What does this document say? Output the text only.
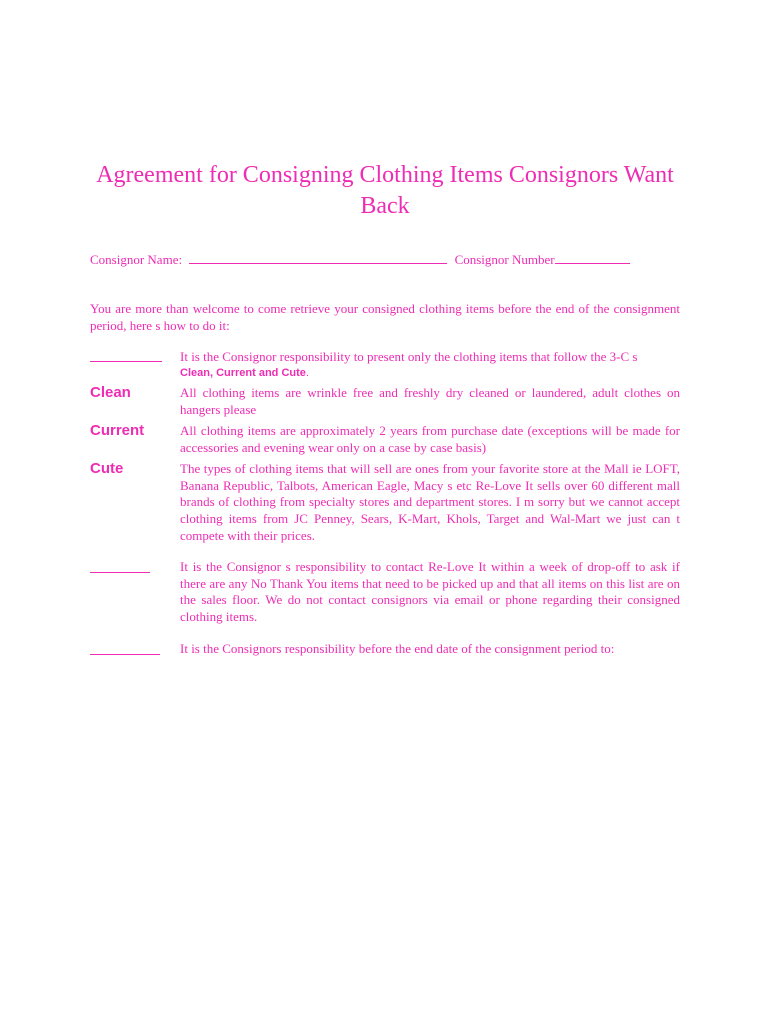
Agreement for Consigning Clothing Items Consignors Want Back
Consignor Name:	Consignor Number
You are more than welcome to come retrieve your consigned clothing items before the end of the consignment period, here s how to do it:
It is the Consignor responsibility to present only the clothing items that follow the 3-C s
Clean, Current and Cute.
Clean	All clothing items are wrinkle free and freshly dry cleaned or laundered, adult clothes on hangers please
Current	All clothing items are approximately 2 years from purchase date (exceptions will be made for accessories and evening wear only on a case by case basis)
Cute	The types of clothing items that will sell are ones from your favorite store at the Mall ie LOFT, Banana Republic, Talbots, American Eagle, Macy s etc Re-Love It sells over 60 different mall brands of clothing from specialty stores and department stores. I m sorry but we cannot accept clothing items from JC Penney, Sears, K-Mart, Khols, Target and Wal-Mart we just can t compete with their prices.
It is the Consignor s responsibility to contact Re-Love It within a week of drop-off to ask if there are any No Thank You items that need to be picked up and that all items on this list are on the sales floor. We do not contact consignors via email or phone regarding their consigned clothing items.
It is the Consignors responsibility before the end date of the consignment period to:
